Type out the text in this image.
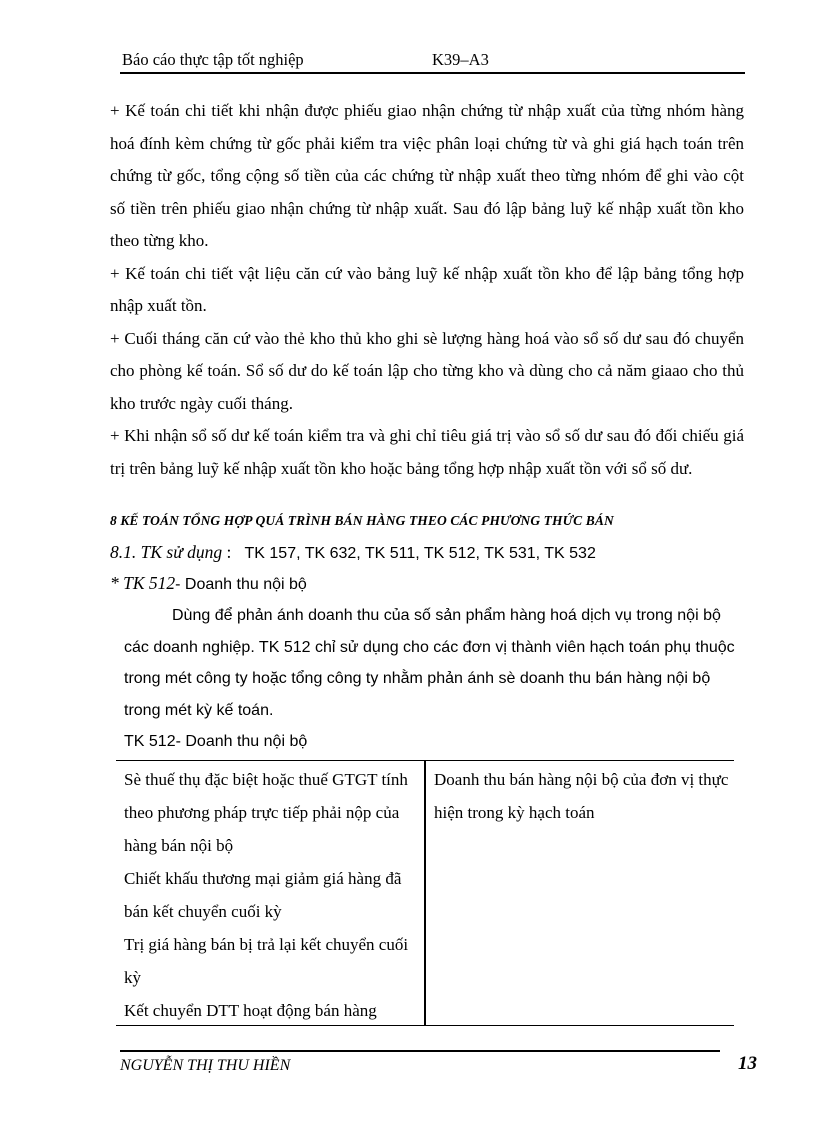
Báo cáo thực tập tốt nghiệp	K39–A3

+ Kế toán chi tiết khi nhận được phiếu giao nhận chứng từ nhập xuất của từng nhóm hàng hoá đính kèm chứng từ gốc phải kiểm tra việc phân loại chứng từ và ghi giá hạch toán trên chứng từ gốc, tổng cộng số tiền của các chứng từ nhập xuất theo từng nhóm để ghi vào cột số tiền trên phiếu giao nhận chứng từ nhập xuất. Sau đó lập bảng luỹ kế nhập xuất tồn kho theo từng kho.

+ Kế toán chi tiết vật liệu căn cứ vào bảng luỹ kế nhập xuất tồn kho để lập bảng tổng hợp nhập xuất tồn.

+ Cuối tháng căn cứ vào thẻ kho thủ kho ghi sè lượng hàng hoá vào sổ số dư sau đó chuyển cho phòng kế toán. Sổ số dư do kế toán lập cho từng kho và dùng cho cả năm giaao cho thủ kho trước ngày cuối tháng.

+ Khi nhận sổ số dư kế toán kiểm tra và ghi chỉ tiêu giá trị vào sổ số dư sau đó đối chiếu giá trị trên bảng luỹ kế nhập xuất tồn kho hoặc bảng tổng hợp nhập xuất tồn với sổ số dư.

8 KẾ TOÁN TỔNG HỢP QUÁ TRÌNH BÁN HÀNG THEO CÁC PHƯƠNG THỨC BÁN
8.1. TK sử dụng : TK 157, TK 632, TK 511, TK 512, TK 531, TK 532
* TK 512- Doanh thu nội bộ

Dùng để phản ánh doanh thu của số sản phẩm hàng hoá dịch vụ trong nội bộ các doanh nghiệp. TK 512 chỉ sử dụng cho các đơn vị thành viên hạch toán phụ thuộc trong mét công ty hoặc tổng công ty nhằm phản ánh sè doanh thu bán hàng nội bộ trong mét kỳ kế toán.

TK 512- Doanh thu nội bộ

Sè thuế thụ đặc biệt hoặc thuế GTGT tính theo phương pháp trực tiếp phải nộp của hàng bán nội bộ
Chiết khấu thương mại giảm giá hàng đã bán kết chuyển cuối kỳ
Trị giá hàng bán bị trả lại kết chuyển cuối kỳ
Kết chuyển DTT hoạt động bán hàng
Doanh thu bán hàng nội bộ của đơn vị thực hiện trong kỳ hạch toán
NGUYỄN THỊ THU HIỀN	13
